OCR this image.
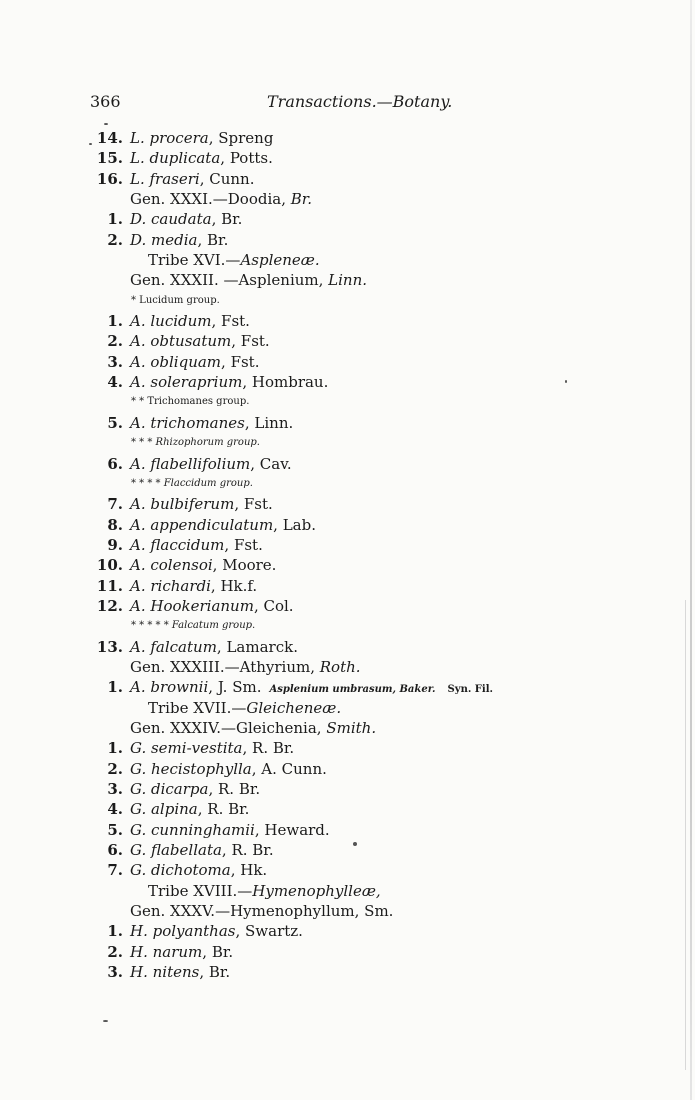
366	Transactions.—Botany.
14. L. procera, Spreng
15. L. duplicata, Potts.
16. L. fraseri, Cunn.
Gen. XXXI.—Doodia, Br.
1. D. caudata, Br.
2. D. media, Br.
Tribe XVI.—Aspleneæ.
Gen. XXXII. —Asplenium, Linn.
* Lucidum group.
1. A. lucidum, Fst.
2. A. obtusatum, Fst.
3. A. obliquam, Fst.
4. A. soleraprium, Hombrau.
* * Trichomanes group.
5. A. trichomanes, Linn.
* * * Rhizophorum group.
6. A. flabellifolium, Cav.
* * * * Flaccidum group.
7. A. bulbiferum, Fst.
8. A. appendiculatum, Lab.
9. A. flaccidum, Fst.
10. A. colensoi, Moore.
11. A. richardi, Hk.f.
12. A. Hookerianum, Col.
* * * * * Falcatum group.
13. A. falcatum, Lamarck.
Gen. XXXIII.—Athyrium, Roth.
1. A. brownii, J. Sm. Asplenium umbrasum, Baker. Syn. Fil.
Tribe XVII.—Gleicheneæ.
Gen. XXXIV.—Gleichenia, Smith.
1. G. semi-vestita, R. Br.
2. G. hecistophylla, A. Cunn.
3. G. dicarpa, R. Br.
4. G. alpina, R. Br.
5. G. cunninghamii, Heward.
6. G. flabellata, R. Br.
7. G. dichotoma, Hk.
Tribe XVIII.—Hymenophylleæ,
Gen. XXXV.—Hymenophyllum, Sm.
1. H. polyanthas, Swartz.
2. H. narum, Br.
3. H. nitens, Br.
